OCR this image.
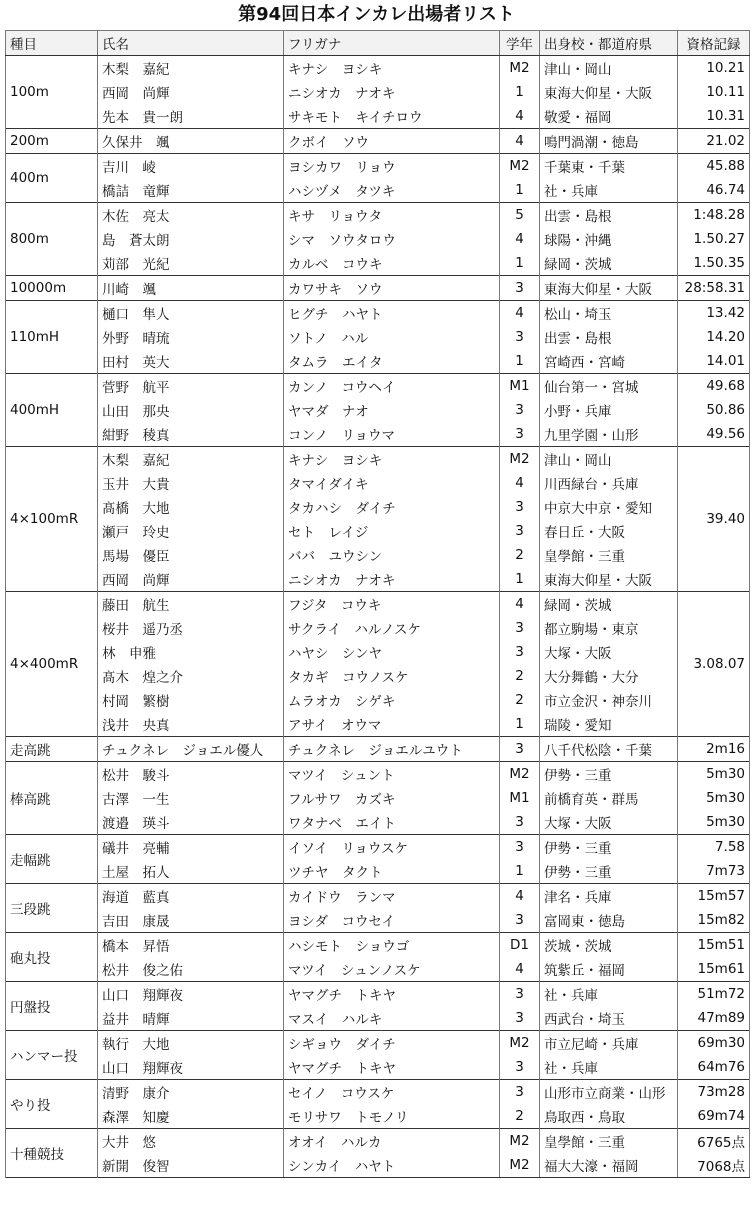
第94回日本インカレ出場者リスト
種目	氏名	フリガナ	学年	出身校・都道府県	資格記録
100m	木梨　嘉紀	キナシ　ヨシキ	M2	津山・岡山	10.21
	西岡　尚輝	ニシオカ　ナオキ	1	東海大仰星・大阪	10.11
	先本　貴一朗	サキモト　キイチロウ	4	敬愛・福岡	10.31
200m	久保井　颯	クボイ　ソウ	4	鳴門渦潮・徳島	21.02
400m	吉川　崚	ヨシカワ　リョウ	M2	千葉東・千葉	45.88
	橋詰　竜輝	ハシヅメ　タツキ	1	社・兵庫	46.74
800m	木佐　亮太	キサ　リョウタ	5	出雲・島根	1:48.28
	島　蒼太朗	シマ　ソウタロウ	4	球陽・沖縄	1.50.27
	苅部　光紀	カルベ　コウキ	1	緑岡・茨城	1.50.35
10000m	川崎　颯	カワサキ　ソウ	3	東海大仰星・大阪	28:58.31
110mH	樋口　隼人	ヒグチ　ハヤト	4	松山・埼玉	13.42
	外野　晴琉	ソトノ　ハル	3	出雲・島根	14.20
	田村　英大	タムラ　エイタ	1	宮崎西・宮崎	14.01
400mH	菅野　航平	カンノ　コウヘイ	M1	仙台第一・宮城	49.68
	山田　那央	ヤマダ　ナオ	3	小野・兵庫	50.86
	紺野　稜真	コンノ　リョウマ	3	九里学園・山形	49.56
4×100mR	木梨　嘉紀	キナシ　ヨシキ	M2	津山・岡山	39.40
	玉井　大貴	タマイダイキ	4	川西緑台・兵庫	
	髙橋　大地	タカハシ　ダイチ	3	中京大中京・愛知	
	瀬戸　玲史	セト　レイジ	3	春日丘・大阪	
	馬場　優臣	ババ　ユウシン	2	皇學館・三重	
	西岡　尚輝	ニシオカ　ナオキ	1	東海大仰星・大阪	
4×400mR	藤田　航生	フジタ　コウキ	4	緑岡・茨城	3.08.07
	桜井　遥乃丞	サクライ　ハルノスケ	3	都立駒場・東京	
	林　申雅	ハヤシ　シンヤ	3	大塚・大阪	
	髙木　煌之介	タカギ　コウノスケ	2	大分舞鶴・大分	
	村岡　繁樹	ムラオカ　シゲキ	2	市立金沢・神奈川	
	浅井　央真	アサイ　オウマ	1	瑞陵・愛知	
走高跳	チュクネレ　ジョエル優人	チュクネレ　ジョエルユウト	3	八千代松陰・千葉	2m16
棒高跳	松井　駿斗	マツイ　シュント	M2	伊勢・三重	5m30
	古澤　一生	フルサワ　カズキ	M1	前橋育英・群馬	5m30
	渡邉　瑛斗	ワタナベ　エイト	3	大塚・大阪	5m30
走幅跳	礒井　亮輔	イソイ　リョウスケ	3	伊勢・三重	7.58
	土屋　拓人	ツチヤ　タクト	1	伊勢・三重	7m73
三段跳	海道　藍真	カイドウ　ランマ	4	津名・兵庫	15m57
	吉田　康晟	ヨシダ　コウセイ	3	富岡東・徳島	15m82
砲丸投	橋本　昇悟	ハシモト　ショウゴ	D1	茨城・茨城	15m51
	松井　俊之佑	マツイ　シュンノスケ	4	筑紫丘・福岡	15m61
円盤投	山口　翔輝夜	ヤマグチ　トキヤ	3	社・兵庫	51m72
	益井　晴輝	マスイ　ハルキ	3	西武台・埼玉	47m89
ハンマー投	執行　大地	シギョウ　ダイチ	M2	市立尼崎・兵庫	69m30
	山口　翔輝夜	ヤマグチ　トキヤ	3	社・兵庫	64m76
やり投	清野　康介	セイノ　コウスケ	3	山形市立商業・山形	73m28
	森澤　知慶	モリサワ　トモノリ	2	鳥取西・鳥取	69m74
十種競技	大井　悠	オオイ　ハルカ	M2	皇學館・三重	6765点
	新開　俊智	シンカイ　ハヤト	M2	福大大濠・福岡	7068点
